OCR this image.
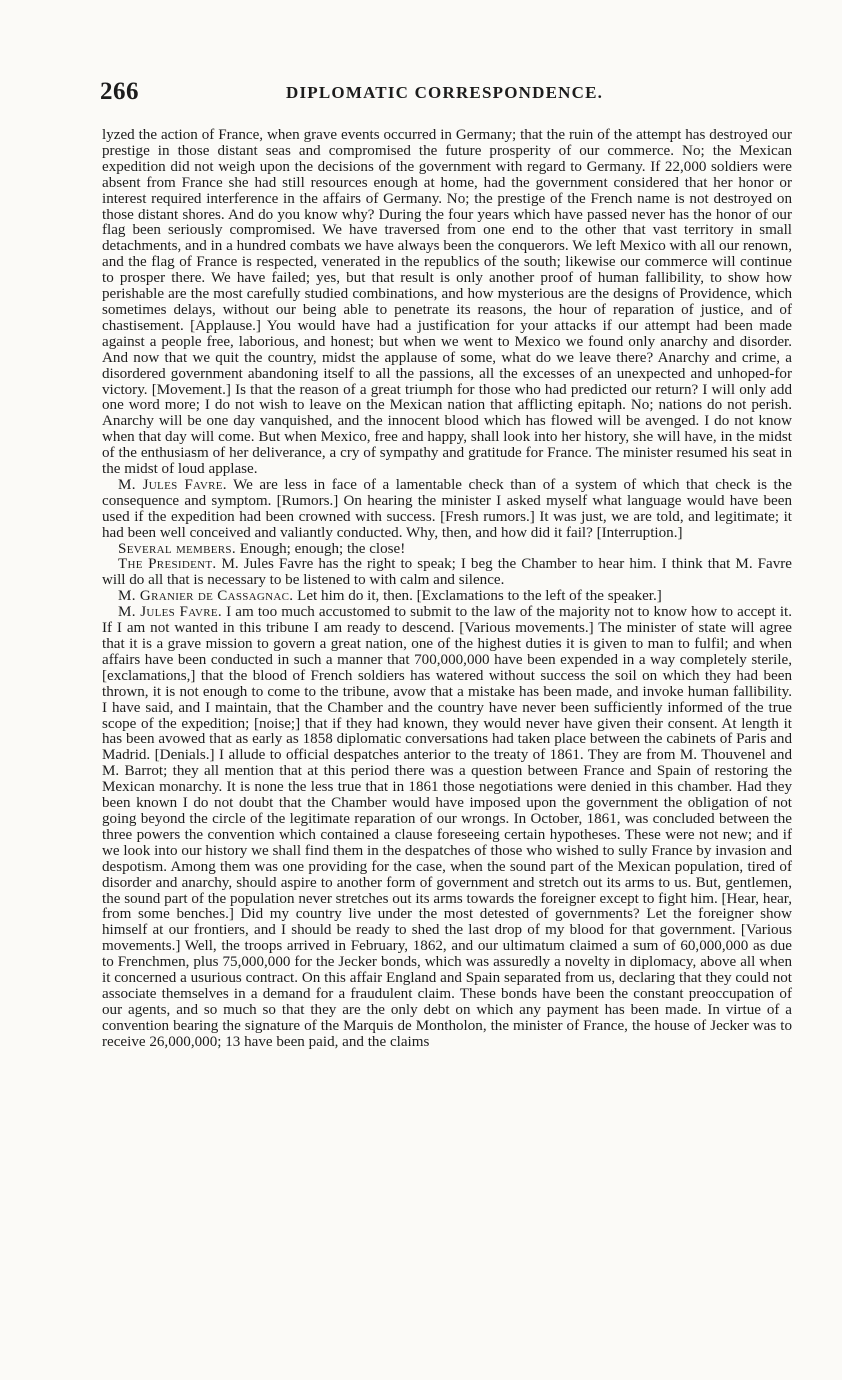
266	DIPLOMATIC CORRESPONDENCE.

lyzed the action of France, when grave events occurred in Germany; that the ruin of the attempt has destroyed our prestige in those distant seas and compromised the future prosperity of our commerce. No; the Mexican expedition did not weigh upon the decisions of the government with regard to Germany. If 22,000 soldiers were absent from France she had still resources enough at home, had the government considered that her honor or interest required interference in the affairs of Germany. No; the prestige of the French name is not destroyed on those distant shores. And do you know why? During the four years which have passed never has the honor of our flag been seriously compromised. We have traversed from one end to the other that vast territory in small detachments, and in a hundred combats we have always been the conquerors. We left Mexico with all our renown, and the flag of France is respected, venerated in the republics of the south; likewise our commerce will continue to prosper there. We have failed; yes, but that result is only another proof of human fallibility, to show how perishable are the most carefully studied combinations, and how mysterious are the designs of Providence, which sometimes delays, without our being able to penetrate its reasons, the hour of reparation of justice, and of chastisement. [Applause.] You would have had a justification for your attacks if our attempt had been made against a people free, laborious, and honest; but when we went to Mexico we found only anarchy and disorder. And now that we quit the country, midst the applause of some, what do we leave there? Anarchy and crime, a disordered government abandoning itself to all the passions, all the excesses of an unexpected and unhoped-for victory. [Movement.] Is that the reason of a great triumph for those who had predicted our return? I will only add one word more; I do not wish to leave on the Mexican nation that afflicting epitaph. No; nations do not perish. Anarchy will be one day vanquished, and the innocent blood which has flowed will be avenged. I do not know when that day will come. But when Mexico, free and happy, shall look into her history, she will have, in the midst of the enthusiasm of her deliverance, a cry of sympathy and gratitude for France. The minister resumed his seat in the midst of loud applase.

M. Jules Favre. We are less in face of a lamentable check than of a system of which that check is the consequence and symptom. [Rumors.] On hearing the minister I asked myself what language would have been used if the expedition had been crowned with success. [Fresh rumors.] It was just, we are told, and legitimate; it had been well conceived and valiantly conducted. Why, then, and how did it fail? [Interruption.]

Several members. Enough; enough; the close!

The President. M. Jules Favre has the right to speak; I beg the Chamber to hear him. I think that M. Favre will do all that is necessary to be listened to with calm and silence.

M. Granier de Cassagnac. Let him do it, then. [Exclamations to the left of the speaker.]

M. Jules Favre. I am too much accustomed to submit to the law of the majority not to know how to accept it. If I am not wanted in this tribune I am ready to descend. [Various movements.] The minister of state will agree that it is a grave mission to govern a great nation, one of the highest duties it is given to man to fulfil; and when affairs have been conducted in such a manner that 700,000,000 have been expended in a way completely sterile, [exclamations,] that the blood of French soldiers has watered without success the soil on which they had been thrown, it is not enough to come to the tribune, avow that a mistake has been made, and invoke human fallibility. I have said, and I maintain, that the Chamber and the country have never been sufficiently informed of the true scope of the expedition; [noise;] that if they had known, they would never have given their consent. At length it has been avowed that as early as 1858 diplomatic conversations had taken place between the cabinets of Paris and Madrid. [Denials.] I allude to official despatches anterior to the treaty of 1861. They are from M. Thouvenel and M. Barrot; they all mention that at this period there was a question between France and Spain of restoring the Mexican monarchy. It is none the less true that in 1861 those negotiations were denied in this chamber. Had they been known I do not doubt that the Chamber would have imposed upon the government the obligation of not going beyond the circle of the legitimate reparation of our wrongs. In October, 1861, was concluded between the three powers the convention which contained a clause foreseeing certain hypotheses. These were not new; and if we look into our history we shall find them in the despatches of those who wished to sully France by invasion and despotism. Among them was one providing for the case, when the sound part of the Mexican population, tired of disorder and anarchy, should aspire to another form of government and stretch out its arms to us. But, gentlemen, the sound part of the population never stretches out its arms towards the foreigner except to fight him. [Hear, hear, from some benches.] Did my country live under the most detested of governments? Let the foreigner show himself at our frontiers, and I should be ready to shed the last drop of my blood for that government. [Various movements.] Well, the troops arrived in February, 1862, and our ultimatum claimed a sum of 60,000,000 as due to Frenchmen, plus 75,000,000 for the Jecker bonds, which was assuredly a novelty in diplomacy, above all when it concerned a usurious contract. On this affair England and Spain separated from us, declaring that they could not associate themselves in a demand for a fraudulent claim. These bonds have been the constant preoccupation of our agents, and so much so that they are the only debt on which any payment has been made. In virtue of a convention bearing the signature of the Marquis de Montholon, the minister of France, the house of Jecker was to receive 26,000,000; 13 have been paid, and the claims
